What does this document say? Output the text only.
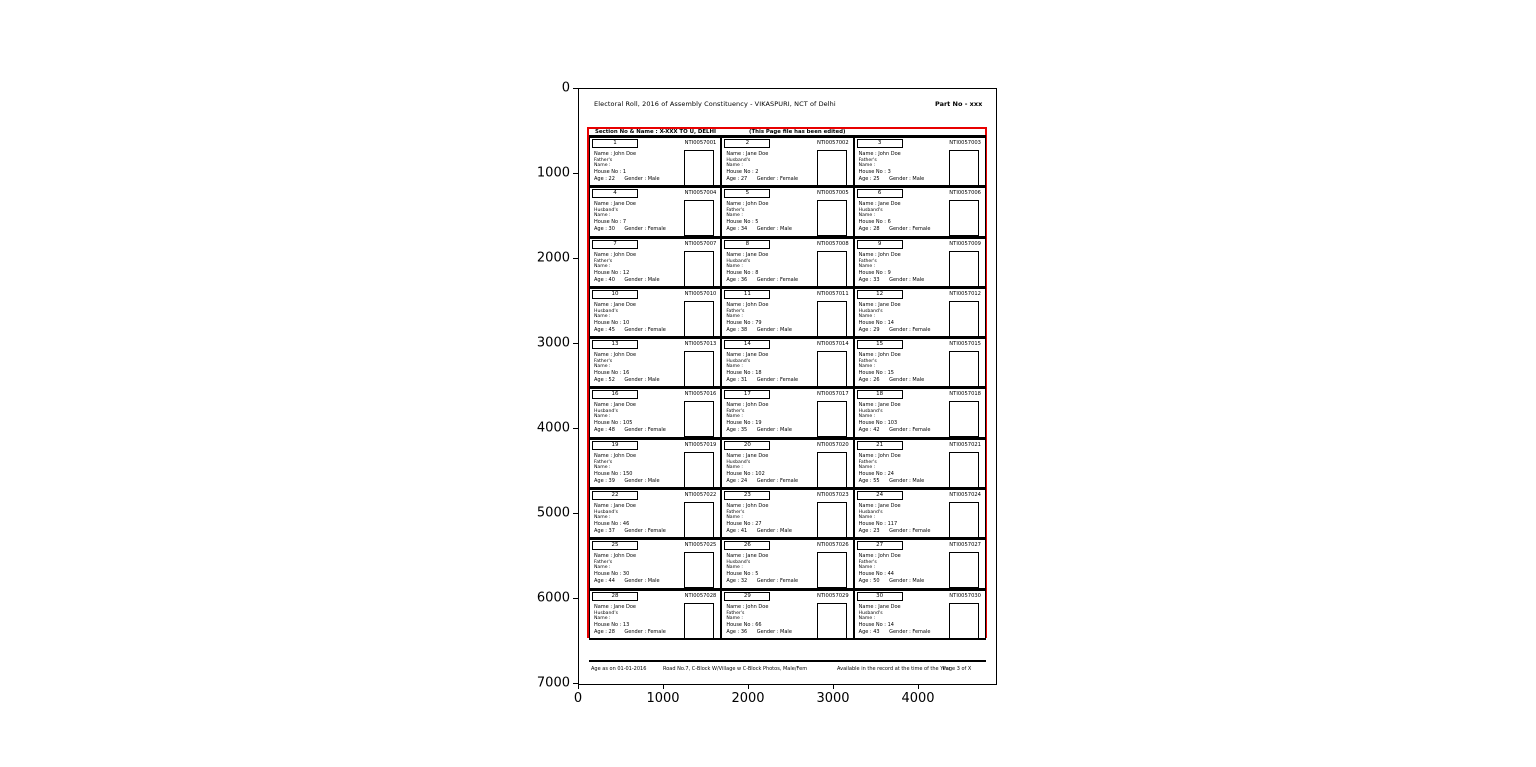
0
1000
2000
3000
4000
5000
6000
7000
0	1000	2000	3000	4000
Electoral Roll, 2016 of Assembly Constituency - VIKASPURI, NCT of Delhi	Part No - xxx
Section No & Name : X-XXX TO U, DELHI	(This Page file has been edited)
1	NTI0057001
Name : John Doe
Father's
Name :
House No : 1
Age : 22      Gender : Male
2	NTI0057002
Name : Jane Doe
Husband's
Name :
House No : 2
Age : 27      Gender : Female
3	NTI0057003
Name : John Doe
Father's
Name :
House No : 3
Age : 25      Gender : Male
4	NTI0057004
Name : Jane Doe
Husband's
Name :
House No : 7
Age : 30      Gender : Female
5	NTI0057005
Name : John Doe
Father's
Name :
House No : 5
Age : 34      Gender : Male
6	NTI0057006
Name : Jane Doe
Husband's
Name :
House No : 6
Age : 28      Gender : Female
7	NTI0057007
Name : John Doe
Father's
Name :
House No : 12
Age : 40      Gender : Male
8	NTI0057008
Name : Jane Doe
Husband's
Name :
House No : 8
Age : 36      Gender : Female
9	NTI0057009
Name : John Doe
Father's
Name :
House No : 9
Age : 33      Gender : Male
10	NTI0057010
Name : Jane Doe
Husband's
Name :
House No : 10
Age : 45      Gender : Female
11	NTI0057011
Name : John Doe
Father's
Name :
House No : 79
Age : 38      Gender : Male
12	NTI0057012
Name : Jane Doe
Husband's
Name :
House No : 14
Age : 29      Gender : Female
13	NTI0057013
Name : John Doe
Father's
Name :
House No : 16
Age : 52      Gender : Male
14	NTI0057014
Name : Jane Doe
Husband's
Name :
House No : 18
Age : 31      Gender : Female
15	NTI0057015
Name : John Doe
Father's
Name :
House No : 15
Age : 26      Gender : Male
16	NTI0057016
Name : Jane Doe
Husband's
Name :
House No : 105
Age : 48      Gender : Female
17	NTI0057017
Name : John Doe
Father's
Name :
House No : 19
Age : 35      Gender : Male
18	NTI0057018
Name : Jane Doe
Husband's
Name :
House No : 103
Age : 42      Gender : Female
19	NTI0057019
Name : John Doe
Father's
Name :
House No : 150
Age : 39      Gender : Male
20	NTI0057020
Name : Jane Doe
Husband's
Name :
House No : 102
Age : 24      Gender : Female
21	NTI0057021
Name : John Doe
Father's
Name :
House No : 24
Age : 55      Gender : Male
22	NTI0057022
Name : Jane Doe
Husband's
Name :
House No : 46
Age : 37      Gender : Female
23	NTI0057023
Name : John Doe
Father's
Name :
House No : 27
Age : 41      Gender : Male
24	NTI0057024
Name : Jane Doe
Husband's
Name :
House No : 117
Age : 23      Gender : Female
25	NTI0057025
Name : John Doe
Father's
Name :
House No : 30
Age : 44      Gender : Male
26	NTI0057026
Name : Jane Doe
Husband's
Name :
House No : 5
Age : 32      Gender : Female
27	NTI0057027
Name : John Doe
Father's
Name :
House No : 44
Age : 50      Gender : Male
28	NTI0057028
Name : Jane Doe
Husband's
Name :
House No : 13
Age : 28      Gender : Female
29	NTI0057029
Name : John Doe
Father's
Name :
House No : 66
Age : 36      Gender : Male
30	NTI0057030
Name : Jane Doe
Husband's
Name :
House No : 14
Age : 43      Gender : Female
Age as on 01-01-2016	Road No.7, C-Block W/Village w C-Block Photos, Male/Fem	Available in the record at the time of the Year
Page 3 of X
